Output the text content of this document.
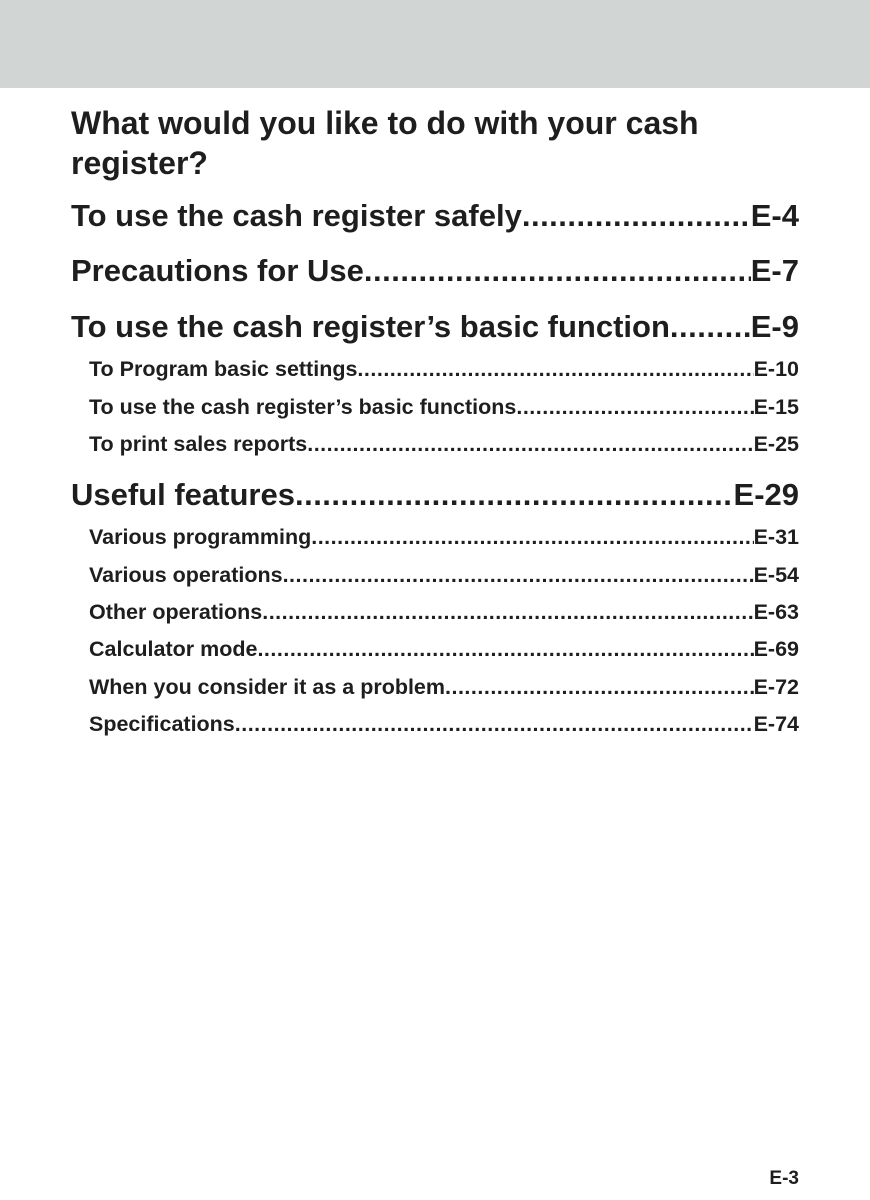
What would you like to do with your cash register?
To use the cash register safely .....	E-4
Precautions for Use .....	E-7
To use the cash register’s basic function .....	E-9
To Program basic settings .....	E-10
To use the cash register’s basic functions .....	E-15
To print sales reports .....	E-25
Useful features .....	E-29
Various programming .....	E-31
Various operations .....	E-54
Other operations .....	E-63
Calculator mode .....	E-69
When you consider it as a problem .....	E-72
Specifications .....	E-74
E-3
